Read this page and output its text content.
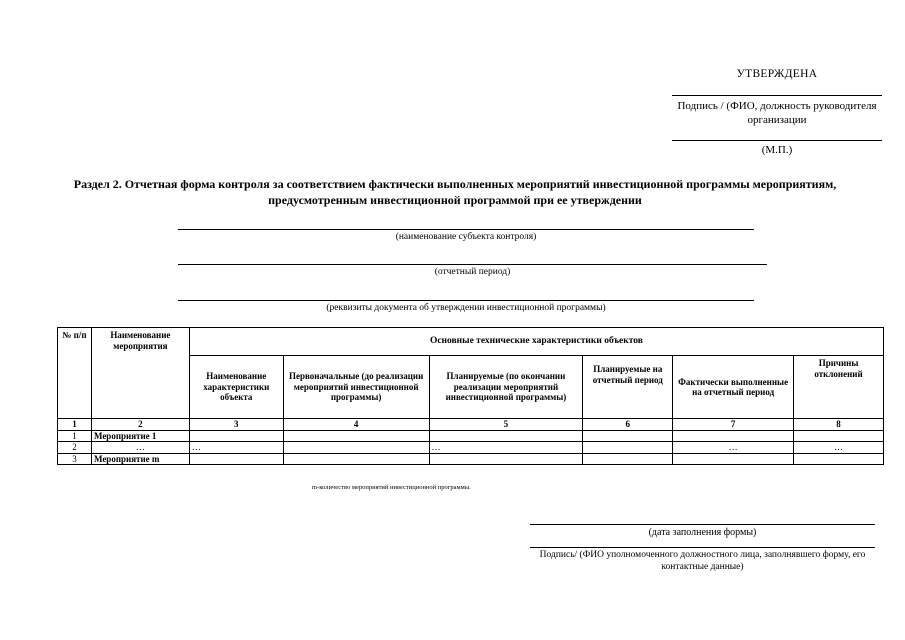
УТВЕРЖДЕНА
Подпись / (ФИО, должность руководителя организации
(М.П.)
Раздел 2. Отчетная форма контроля за соответствием фактически выполненных мероприятий инвестиционной программы мероприятиям, предусмотренным инвестиционной программой при ее утверждении
(наименование субъекта контроля)
(отчетный период)
(реквизиты документа об утверждении инвестиционной программы)
№ п/п	Наименование мероприятия	Основные технические характеристики объектов					
		Наименование характеристики объекта	Первоначальные (до реализации мероприятий инвестиционной программы)	Планируемые (по окончании реализации мероприятий инвестиционной программы)	Планируемые на отчетный период	Фактически выполненные на отчетный период	Причины отклонений
1	2	3	4	5	6	7	8
1	Мероприятие 1						
2	…	…		…		…	…
3	Мероприятие m						
m-количество мероприятий инвестиционной программы.
(дата заполнения формы)
Подпись/ (ФИО уполномоченного должностного лица, заполнявшего форму, его контактные данные)
